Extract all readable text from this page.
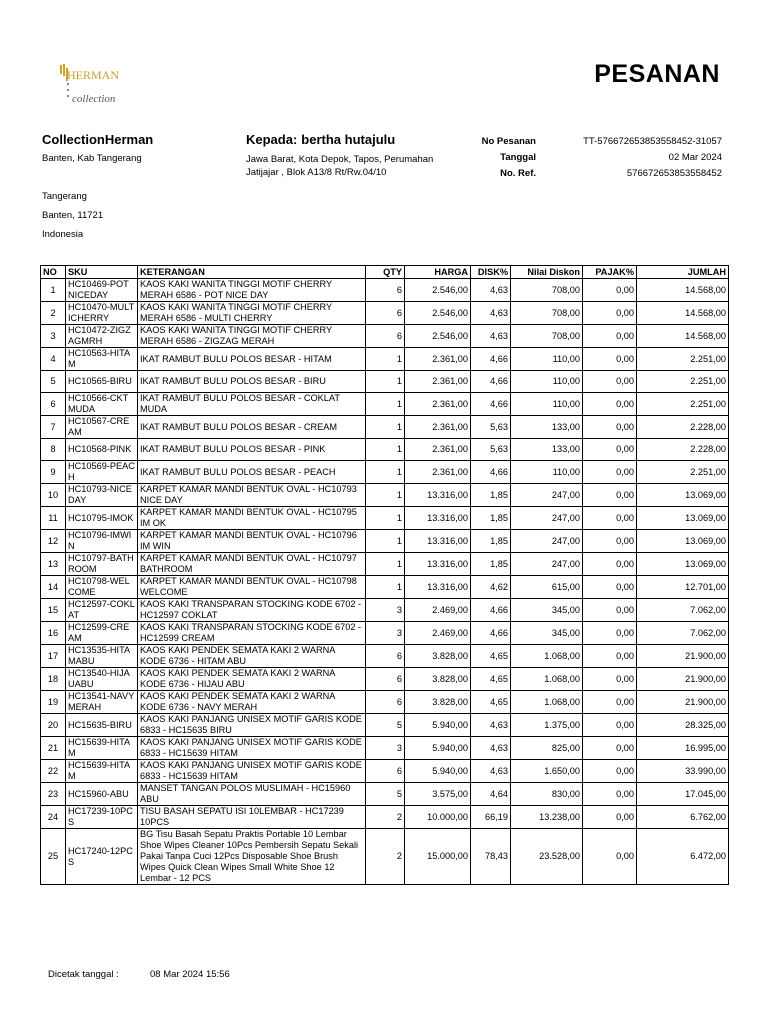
HERMAN
collection
PESANAN
CollectionHerman
Banten, Kab Tangerang
Tangerang
Banten, 11721
Indonesia
Kepada: bertha hutajulu
Jawa Barat, Kota Depok, Tapos, Perumahan Jatijajar , Blok A13/8 Rt/Rw.04/10
No Pesanan	TT-576672653853558452-31057
Tanggal	02 Mar 2024
No. Ref.	576672653853558452
NO	SKU	KETERANGAN	QTY	HARGA	DISK%	Nilai Diskon	PAJAK%	JUMLAH
1	HC10469-POTNICEDAY	KAOS KAKI WANITA TINGGI MOTIF CHERRY MERAH 6586 - POT NICE DAY	6	2.546,00	4,63	708,00	0,00	14.568,00
2	HC10470-MULTICHERRY	KAOS KAKI WANITA TINGGI MOTIF CHERRY MERAH 6586 - MULTI CHERRY	6	2.546,00	4,63	708,00	0,00	14.568,00
3	HC10472-ZIGZAGMRH	KAOS KAKI WANITA TINGGI MOTIF CHERRY MERAH 6586 - ZIGZAG MERAH	6	2.546,00	4,63	708,00	0,00	14.568,00
4	HC10563-HITAM	IKAT RAMBUT BULU POLOS BESAR - HITAM	1	2.361,00	4,66	110,00	0,00	2.251,00
5	HC10565-BIRU	IKAT RAMBUT BULU POLOS BESAR - BIRU	1	2.361,00	4,66	110,00	0,00	2.251,00
6	HC10566-CKTMUDA	IKAT RAMBUT BULU POLOS BESAR - COKLAT MUDA	1	2.361,00	4,66	110,00	0,00	2.251,00
7	HC10567-CREAM	IKAT RAMBUT BULU POLOS BESAR - CREAM	1	2.361,00	5,63	133,00	0,00	2.228,00
8	HC10568-PINK	IKAT RAMBUT BULU POLOS BESAR - PINK	1	2.361,00	5,63	133,00	0,00	2.228,00
9	HC10569-PEACH	IKAT RAMBUT BULU POLOS BESAR - PEACH	1	2.361,00	4,66	110,00	0,00	2.251,00
10	HC10793-NICEDAY	KARPET KAMAR MANDI BENTUK OVAL - HC10793 NICE DAY	1	13.316,00	1,85	247,00	0,00	13.069,00
11	HC10795-IMOK	KARPET KAMAR MANDI BENTUK OVAL - HC10795 IM OK	1	13.316,00	1,85	247,00	0,00	13.069,00
12	HC10796-IMWIN	KARPET KAMAR MANDI BENTUK OVAL - HC10796 IM WIN	1	13.316,00	1,85	247,00	0,00	13.069,00
13	HC10797-BATHROOM	KARPET KAMAR MANDI BENTUK OVAL - HC10797 BATHROOM	1	13.316,00	1,85	247,00	0,00	13.069,00
14	HC10798-WELCOME	KARPET KAMAR MANDI BENTUK OVAL - HC10798 WELCOME	1	13.316,00	4,62	615,00	0,00	12.701,00
15	HC12597-COKLAT	KAOS KAKI TRANSPARAN STOCKING KODE 6702 - HC12597 COKLAT	3	2.469,00	4,66	345,00	0,00	7.062,00
16	HC12599-CREAM	KAOS KAKI TRANSPARAN STOCKING KODE 6702 - HC12599 CREAM	3	2.469,00	4,66	345,00	0,00	7.062,00
17	HC13535-HITAMABU	KAOS KAKI PENDEK SEMATA KAKI 2 WARNA KODE 6736 - HITAM ABU	6	3.828,00	4,65	1.068,00	0,00	21.900,00
18	HC13540-HIJAUABU	KAOS KAKI PENDEK SEMATA KAKI 2 WARNA KODE 6736 - HIJAU ABU	6	3.828,00	4,65	1.068,00	0,00	21.900,00
19	HC13541-NAVYMERAH	KAOS KAKI PENDEK SEMATA KAKI 2 WARNA KODE 6736 - NAVY MERAH	6	3.828,00	4,65	1.068,00	0,00	21.900,00
20	HC15635-BIRU	KAOS KAKI PANJANG UNISEX MOTIF GARIS KODE 6833 - HC15635 BIRU	5	5.940,00	4,63	1.375,00	0,00	28.325,00
21	HC15639-HITAM	KAOS KAKI PANJANG UNISEX MOTIF GARIS KODE 6833 - HC15639 HITAM	3	5.940,00	4,63	825,00	0,00	16.995,00
22	HC15639-HITAM	KAOS KAKI PANJANG UNISEX MOTIF GARIS KODE 6833 - HC15639 HITAM	6	5.940,00	4,63	1.650,00	0,00	33.990,00
23	HC15960-ABU	MANSET TANGAN POLOS MUSLIMAH - HC15960 ABU	5	3.575,00	4,64	830,00	0,00	17.045,00
24	HC17239-10PCS	TISU BASAH SEPATU ISI 10LEMBAR - HC17239 10PCS	2	10.000,00	66,19	13.238,00	0,00	6.762,00
25	HC17240-12PCS	BG Tisu Basah Sepatu Praktis Portable 10 Lembar Shoe Wipes Cleaner 10Pcs Pembersih Sepatu Sekali Pakai Tanpa Cuci 12Pcs Disposable Shoe Brush Wipes Quick Clean Wipes Small White Shoe 12 Lembar - 12 PCS	2	15.000,00	78,43	23.528,00	0,00	6.472,00
Dicetak tanggal :	08 Mar 2024 15:56
